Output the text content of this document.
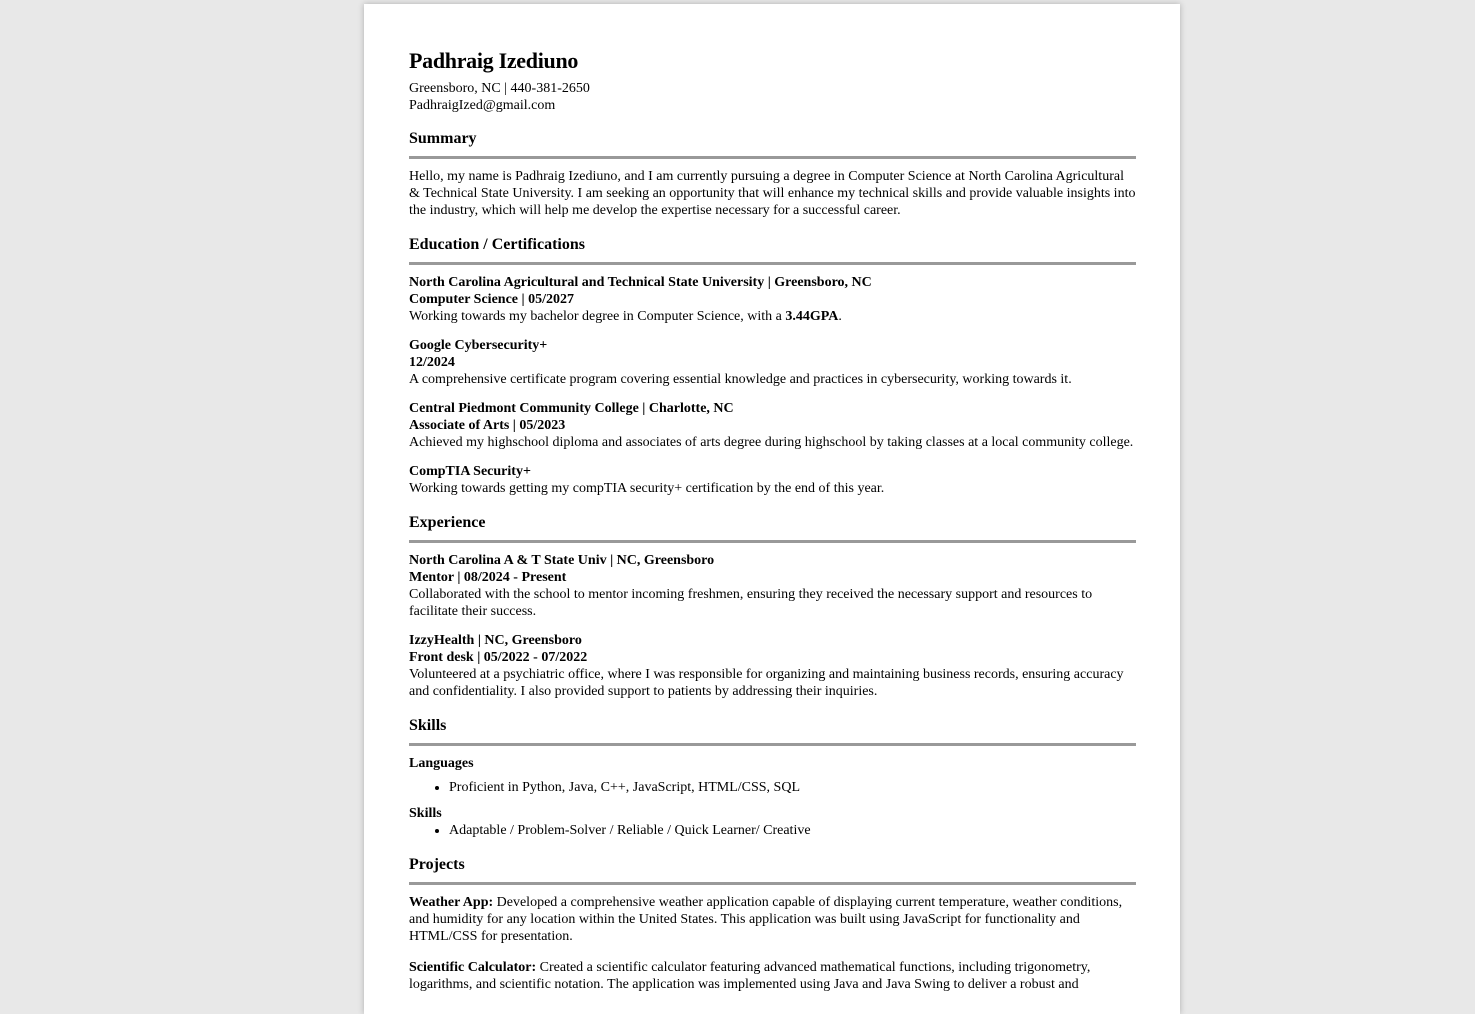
Padhraig Izediuno
Greensboro, NC | 440-381-2650
PadhraigIzed@gmail.com
Summary

Hello, my name is Padhraig Izediuno, and I am currently pursuing a degree in Computer Science at North Carolina Agricultural & Technical State University. I am seeking an opportunity that will enhance my technical skills and provide valuable insights into the industry, which will help me develop the expertise necessary for a successful career.

Education / Certifications
North Carolina Agricultural and Technical State University | Greensboro, NC
Computer Science | 05/2027

Working towards my bachelor degree in Computer Science, with a 3.44GPA.

Google Cybersecurity+
12/2024

A comprehensive certificate program covering essential knowledge and practices in cybersecurity, working towards it.

Central Piedmont Community College | Charlotte, NC
Associate of Arts | 05/2023

Achieved my highschool diploma and associates of arts degree during highschool by taking classes at a local community college.

CompTIA Security+

Working towards getting my compTIA security+ certification by the end of this year.

Experience
North Carolina A & T State Univ | NC, Greensboro
Mentor | 08/2024 - Present

Collaborated with the school to mentor incoming freshmen, ensuring they received the necessary support and resources to facilitate their success.

IzzyHealth | NC, Greensboro
Front desk | 05/2022 - 07/2022

Volunteered at a psychiatric office, where I was responsible for organizing and maintaining business records, ensuring accuracy and confidentiality. I also provided support to patients by addressing their inquiries.

Skills
Languages
• Proficient in Python, Java, C++, JavaScript, HTML/CSS, SQL
Skills
• Adaptable / Problem-Solver / Reliable / Quick Learner/ Creative
Projects
Weather App: Developed a comprehensive weather application capable of displaying current temperature, weather conditions, and humidity for any location within the United States. This application was built using JavaScript for functionality and HTML/CSS for presentation.
Scientific Calculator: Created a scientific calculator featuring advanced mathematical functions, including trigonometry, logarithms, and scientific notation. The application was implemented using Java and Java Swing to deliver a robust and
